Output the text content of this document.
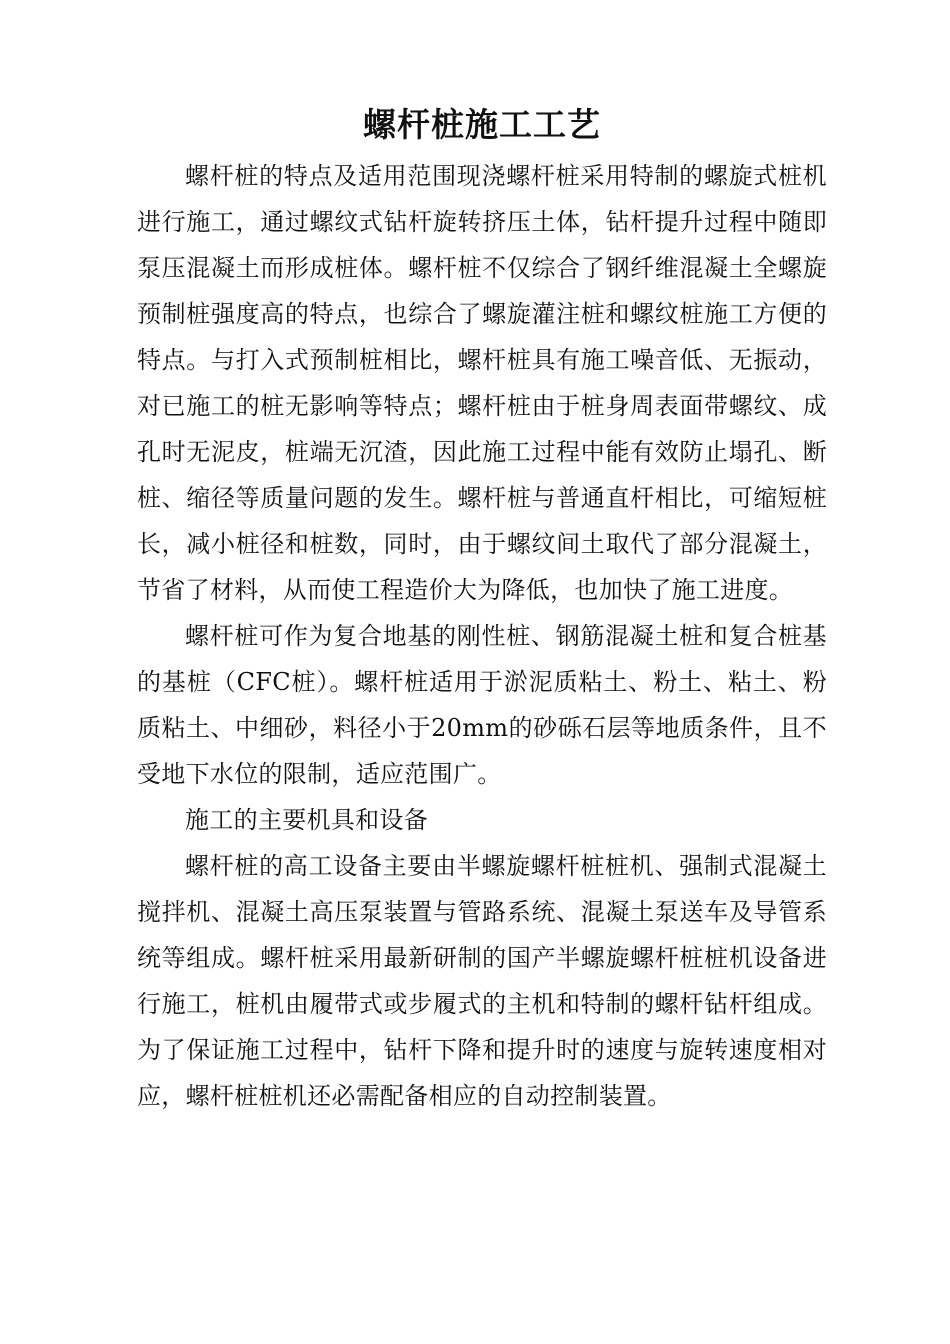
螺杆桩施工工艺

螺杆桩的特点及适用范围现浇螺杆桩采用特制的螺旋式桩机进行施工，通过螺纹式钻杆旋转挤压土体，钻杆提升过程中随即泵压混凝土而形成桩体。螺杆桩不仅综合了钢纤维混凝土全螺旋预制桩强度高的特点，也综合了螺旋灌注桩和螺纹桩施工方便的特点。与打入式预制桩相比，螺杆桩具有施工噪音低、无振动，对已施工的桩无影响等特点；螺杆桩由于桩身周表面带螺纹、成孔时无泥皮，桩端无沉渣，因此施工过程中能有效防止塌孔、断桩、缩径等质量问题的发生。螺杆桩与普通直杆相比，可缩短桩长，减小桩径和桩数，同时，由于螺纹间土取代了部分混凝土，节省了材料，从而使工程造价大为降低，也加快了施工进度。

螺杆桩可作为复合地基的刚性桩、钢筋混凝土桩和复合桩基的基桩（CFC桩）。螺杆桩适用于淤泥质粘土、粉土、粘土、粉质粘土、中细砂，料径小于20mm的砂砾石层等地质条件，且不受地下水位的限制，适应范围广。

施工的主要机具和设备

螺杆桩的高工设备主要由半螺旋螺杆桩桩机、强制式混凝土搅拌机、混凝土高压泵装置与管路系统、混凝土泵送车及导管系统等组成。螺杆桩采用最新研制的国产半螺旋螺杆桩桩机设备进行施工，桩机由履带式或步履式的主机和特制的螺杆钻杆组成。为了保证施工过程中，钻杆下降和提升时的速度与旋转速度相对应，螺杆桩桩机还必需配备相应的自动控制装置。
